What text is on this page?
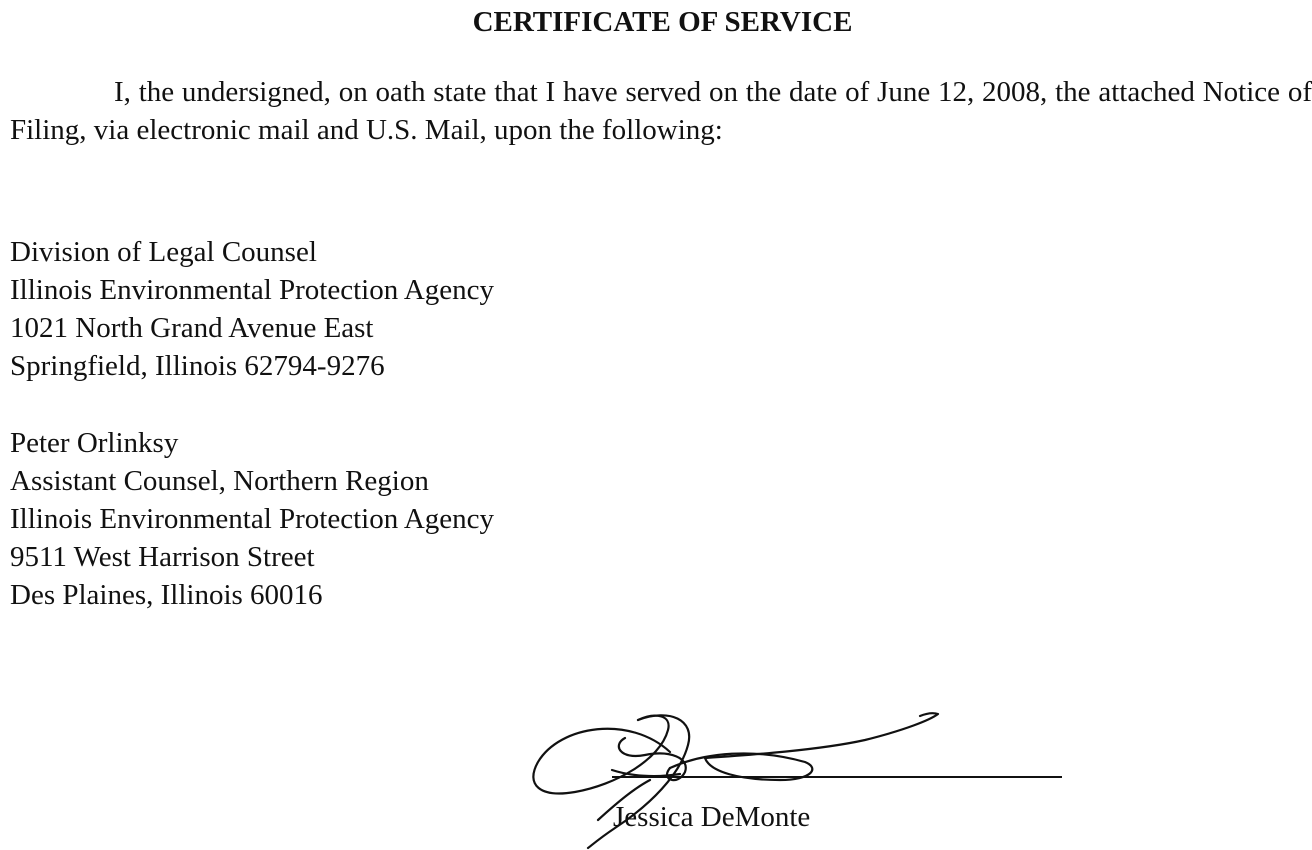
CERTIFICATE OF SERVICE

I, the undersigned, on oath state that I have served on the date of June 12, 2008, the attached Notice of Filing, via electronic mail and U.S. Mail, upon the following:

Division of Legal Counsel
Illinois Environmental Protection Agency
1021 North Grand Avenue East
Springfield, Illinois 62794-9276
Peter Orlinksy
Assistant Counsel, Northern Region
Illinois Environmental Protection Agency
9511 West Harrison Street
Des Plaines, Illinois 60016
Jessica DeMonte
